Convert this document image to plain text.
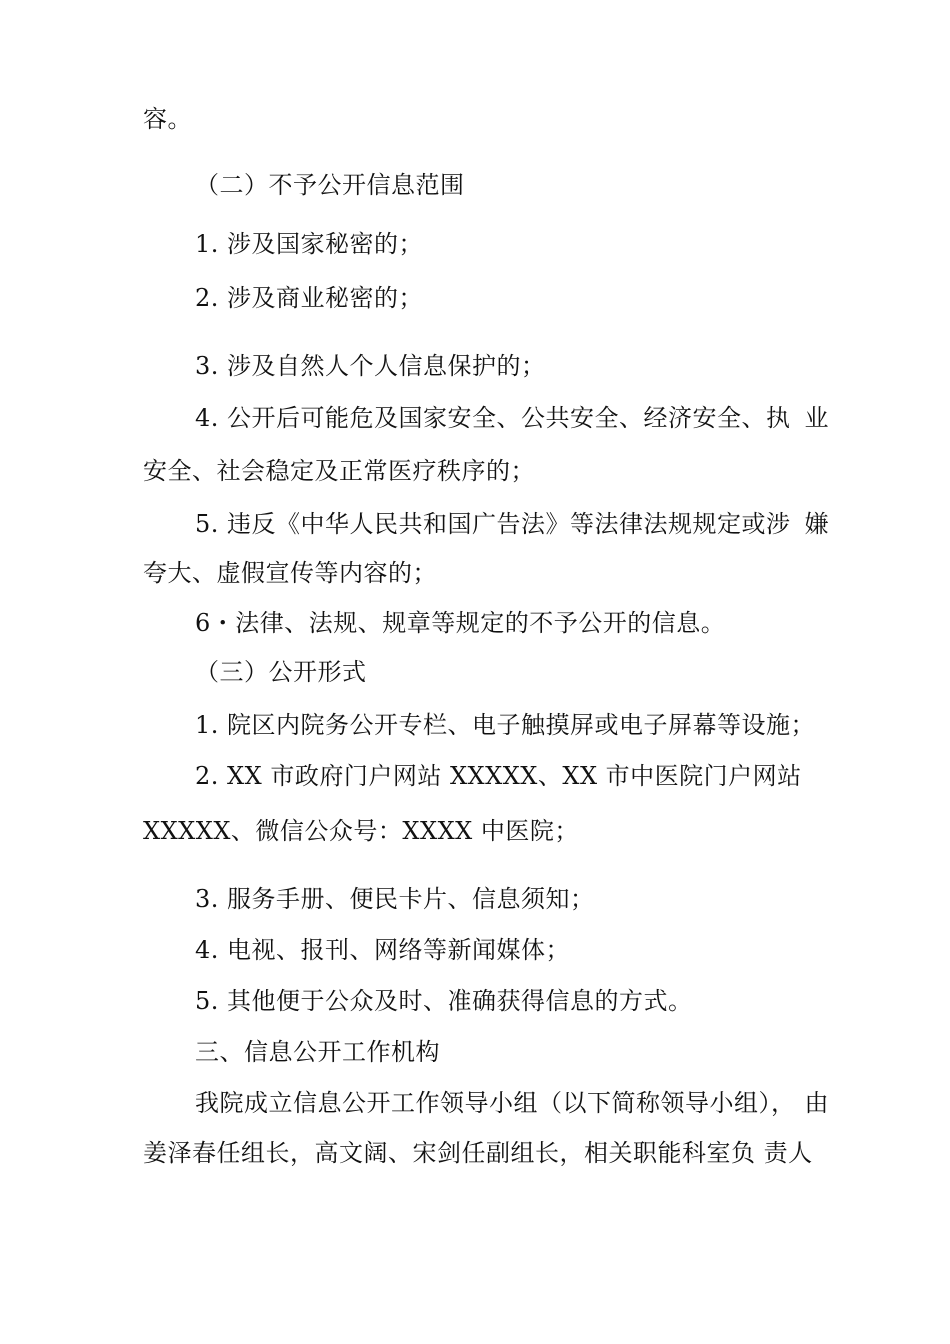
容。
（二）不予公开信息范围
1. 涉及国家秘密的；
2. 涉及商业秘密的；
3. 涉及自然人个人信息保护的；
4. 公开后可能危及国家安全、公共安全、经济安全、执 业
安全、社会稳定及正常医疗秩序的；
5. 违反《中华人民共和国广告法》等法律法规规定或涉 嫌
夸大、虚假宣传等内容的；
6・法律、法规、规章等规定的不予公开的信息。
（三）公开形式
1. 院区内院务公开专栏、电子触摸屏或电子屏幕等设施；
2. XX 市政府门户网站 XXXXX、XX 市中医院门户网站
XXXXX、微信公众号：XXXX 中医院；
3. 服务手册、便民卡片、信息须知；
4. 电视、报刊、网络等新闻媒体；
5. 其他便于公众及时、准确获得信息的方式。
三、信息公开工作机构
我院成立信息公开工作领导小组（以下简称领导小组）， 由
姜泽春任组长，高文阔、宋剑任副组长，相关职能科室负 责人
